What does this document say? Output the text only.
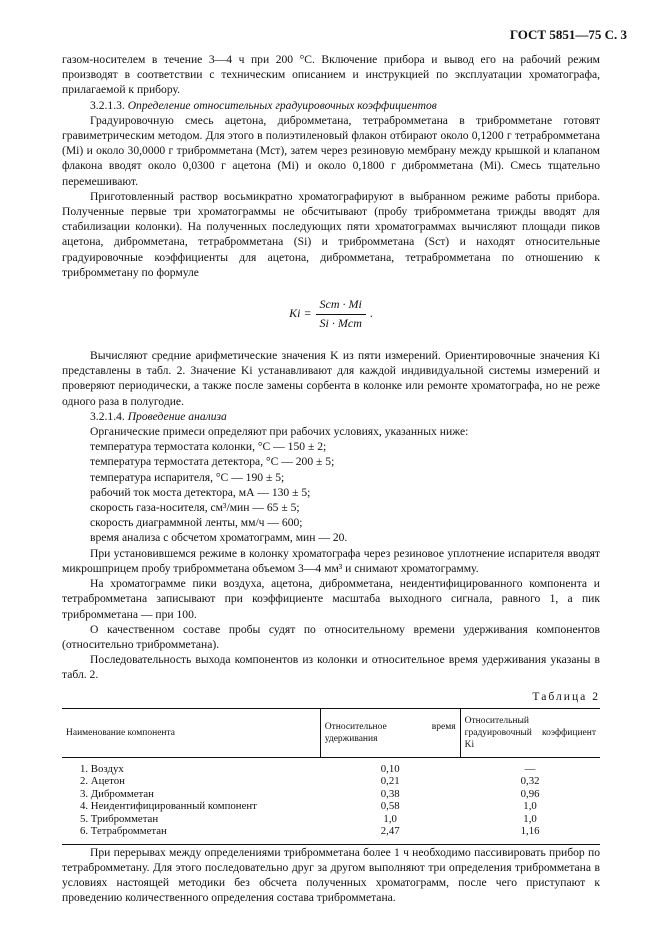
ГОСТ 5851—75 С. 3

газом-носителем в течение 3—4 ч при 200 °С. Включение прибора и вывод его на рабочий режим производят в соответствии с техническим описанием и инструкцией по эксплуатации хроматографа, прилагаемой к прибору.

3.2.1.3. Определение относительных градуировочных коэффициентов

Градуировочную смесь ацетона, дибромметана, тетрабромметана в трибромметане готовят гравиметрическим методом. Для этого в полиэтиленовый флакон отбирают около 0,1200 г тетрабромметана (Mi) и около 30,0000 г трибромметана (Mст), затем через резиновую мембрану между крышкой и клапаном флакона вводят около 0,0300 г ацетона (Mi) и около 0,1800 г дибромметана (Mi). Смесь тщательно перемешивают.

Приготовленный раствор восьмикратно хроматографируют в выбранном режиме работы прибора. Полученные первые три хроматограммы не обсчитывают (пробу трибромметана трижды вводят для стабилизации колонки). На полученных последующих пяти хроматограммах вычисляют площади пиков ацетона, дибромметана, тетрабромметана (Si) и трибромметана (Sст) и находят относительные градуировочные коэффициенты для ацетона, дибромметана, тетрабромметана по отношению к трибромметану по формуле

$Ki = \frac{\text{Sст · Mi}}{\text{Si · Mст}}$ .

Вычисляют средние арифметические значения K из пяти измерений. Ориентировочные значения Ki представлены в табл. 2. Значение Ki устанавливают для каждой индивидуальной системы измерений и проверяют периодически, а также после замены сорбента в колонке или ремонте хроматографа, но не реже одного раза в полугодие.

3.2.1.4. Проведение анализа

Органические примеси определяют при рабочих условиях, указанных ниже:

температура термостата колонки, °С — 150 ± 2;

температура термостата детектора, °С — 200 ± 5;

температура испарителя, °С — 190 ± 5;

рабочий ток моста детектора, мА — 130 ± 5;

скорость газа-носителя, см³/мин — 65 ± 5;

скорость диаграммной ленты, мм/ч — 600;

время анализа с обсчетом хроматограмм, мин — 20.

При установившемся режиме в колонку хроматографа через резиновое уплотнение испарителя вводят микрошприцем пробу трибромметана объемом 3—4 мм³ и снимают хроматограмму.

На хроматограмме пики воздуха, ацетона, дибромметана, неидентифицированного компонента и тетрабромметана записывают при коэффициенте масштаба выходного сигнала, равного 1, а пик трибромметана — при 100.

О качественном составе пробы судят по относительному времени удерживания компонентов (относительно трибромметана).

Последовательность выхода компонентов из колонки и относительное время удерживания указаны в табл. 2.

Таблица 2
Наименование компонента	Относительное время удерживания	Относительный градуировочный коэффициент Ki
1. Воздух	0,10	—
2. Ацетон	0,21	0,32
3. Дибромметан	0,38	0,96
4. Неидентифицированный компонент	0,58	1,0
5. Трибромметан	1,0	1,0
6. Тетрабромметан	2,47	1,16

При перерывах между определениями трибромметана более 1 ч необходимо пассивировать прибор по тетрабромметану. Для этого последовательно друг за другом выполняют три определения трибромметана в условиях настоящей методики без обсчета полученных хроматограмм, после чего приступают к проведению количественного определения состава трибромметана.
